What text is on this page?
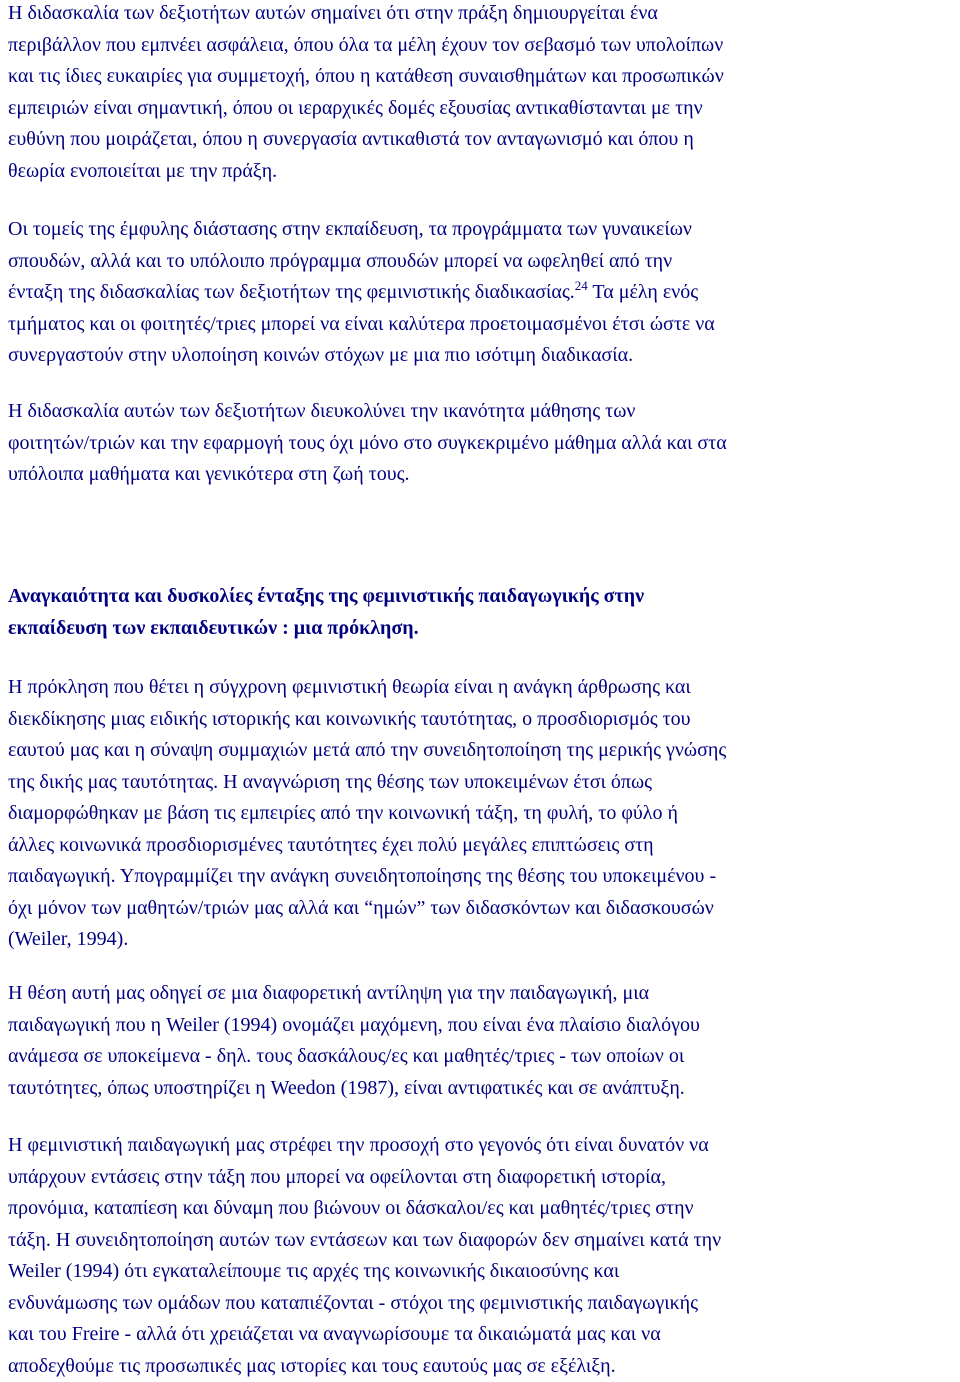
Η διδασκαλία των δεξιοτήτων αυτών σημαίνει ότι στην πράξη δημιουργείται ένα
περιβάλλον που εμπνέει ασφάλεια, όπου όλα τα μέλη έχουν τον σεβασμό των υπολοίπων
και τις ίδιες ευκαιρίες για συμμετοχή, όπου η κατάθεση συναισθημάτων και προσωπικών
εμπειριών είναι σημαντική, όπου οι ιεραρχικές δομές εξουσίας αντικαθίστανται με την
ευθύνη που μοιράζεται, όπου η συνεργασία αντικαθιστά τον ανταγωνισμό και όπου η
θεωρία ενοποιείται με την πράξη.
Οι τομείς της έμφυλης διάστασης στην εκπαίδευση, τα προγράμματα των γυναικείων
σπουδών, αλλά και το υπόλοιπο πρόγραμμα σπουδών μπορεί να ωφεληθεί από την
ένταξη της διδασκαλίας των δεξιοτήτων της φεμινιστικής διαδικασίας.$^{24}$ Τα μέλη ενός
τμήματος και οι φοιτητές/τριες μπορεί να είναι καλύτερα προετοιμασμένοι έτσι ώστε να
συνεργαστούν στην υλοποίηση κοινών στόχων με μια πιο ισότιμη διαδικασία.
Η διδασκαλία αυτών των δεξιοτήτων διευκολύνει την ικανότητα μάθησης των
φοιτητών/τριών και την εφαρμογή τους όχι μόνο στο συγκεκριμένο μάθημα αλλά και στα
υπόλοιπα μαθήματα και γενικότερα στη ζωή τους.
Αναγκαιότητα και δυσκολίες ένταξης της φεμινιστικής παιδαγωγικής στην
εκπαίδευση των εκπαιδευτικών : μια πρόκληση.
Η πρόκληση που θέτει η σύγχρονη φεμινιστική θεωρία είναι η ανάγκη άρθρωσης και
διεκδίκησης μιας ειδικής ιστορικής και κοινωνικής ταυτότητας, ο προσδιορισμός του
εαυτού μας και η σύναψη συμμαχιών μετά από την συνειδητοποίηση της μερικής γνώσης
της δικής μας ταυτότητας. Η αναγνώριση της θέσης των υποκειμένων έτσι όπως
διαμορφώθηκαν με βάση τις εμπειρίες από την κοινωνική τάξη, τη φυλή, το φύλο ή
άλλες κοινωνικά προσδιορισμένες ταυτότητες έχει πολύ μεγάλες επιπτώσεις στη
παιδαγωγική. Υπογραμμίζει την ανάγκη συνειδητοποίησης της θέσης του υποκειμένου -
όχι μόνον των μαθητών/τριών μας αλλά και “ημών” των διδασκόντων και διδασκουσών
(Weiler, 1994).
Η θέση αυτή μας οδηγεί σε μια διαφορετική αντίληψη για την παιδαγωγική, μια
παιδαγωγική που η Weiler (1994) ονομάζει μαχόμενη, που είναι ένα πλαίσιο διαλόγου
ανάμεσα σε υποκείμενα - δηλ. τους δασκάλους/ες και μαθητές/τριες - των οποίων οι
ταυτότητες, όπως υποστηρίζει η Weedon (1987), είναι αντιφατικές και σε ανάπτυξη.
Η φεμινιστική παιδαγωγική μας στρέφει την προσοχή στο γεγονός ότι είναι δυνατόν να
υπάρχουν εντάσεις στην τάξη που μπορεί να οφείλονται στη διαφορετική ιστορία,
προνόμια, καταπίεση και δύναμη που βιώνουν οι δάσκαλοι/ες και μαθητές/τριες στην
τάξη. Η συνειδητοποίηση αυτών των εντάσεων και των διαφορών δεν σημαίνει κατά την
Weiler (1994) ότι εγκαταλείπουμε τις αρχές της κοινωνικής δικαιοσύνης και
ενδυνάμωσης των ομάδων που καταπιέζονται - στόχοι της φεμινιστικής παιδαγωγικής
και του Freire - αλλά ότι χρειάζεται να αναγνωρίσουμε τα δικαιώματά μας και να
αποδεχθούμε τις προσωπικές μας ιστορίες και τους εαυτούς μας σε εξέλιξη.
